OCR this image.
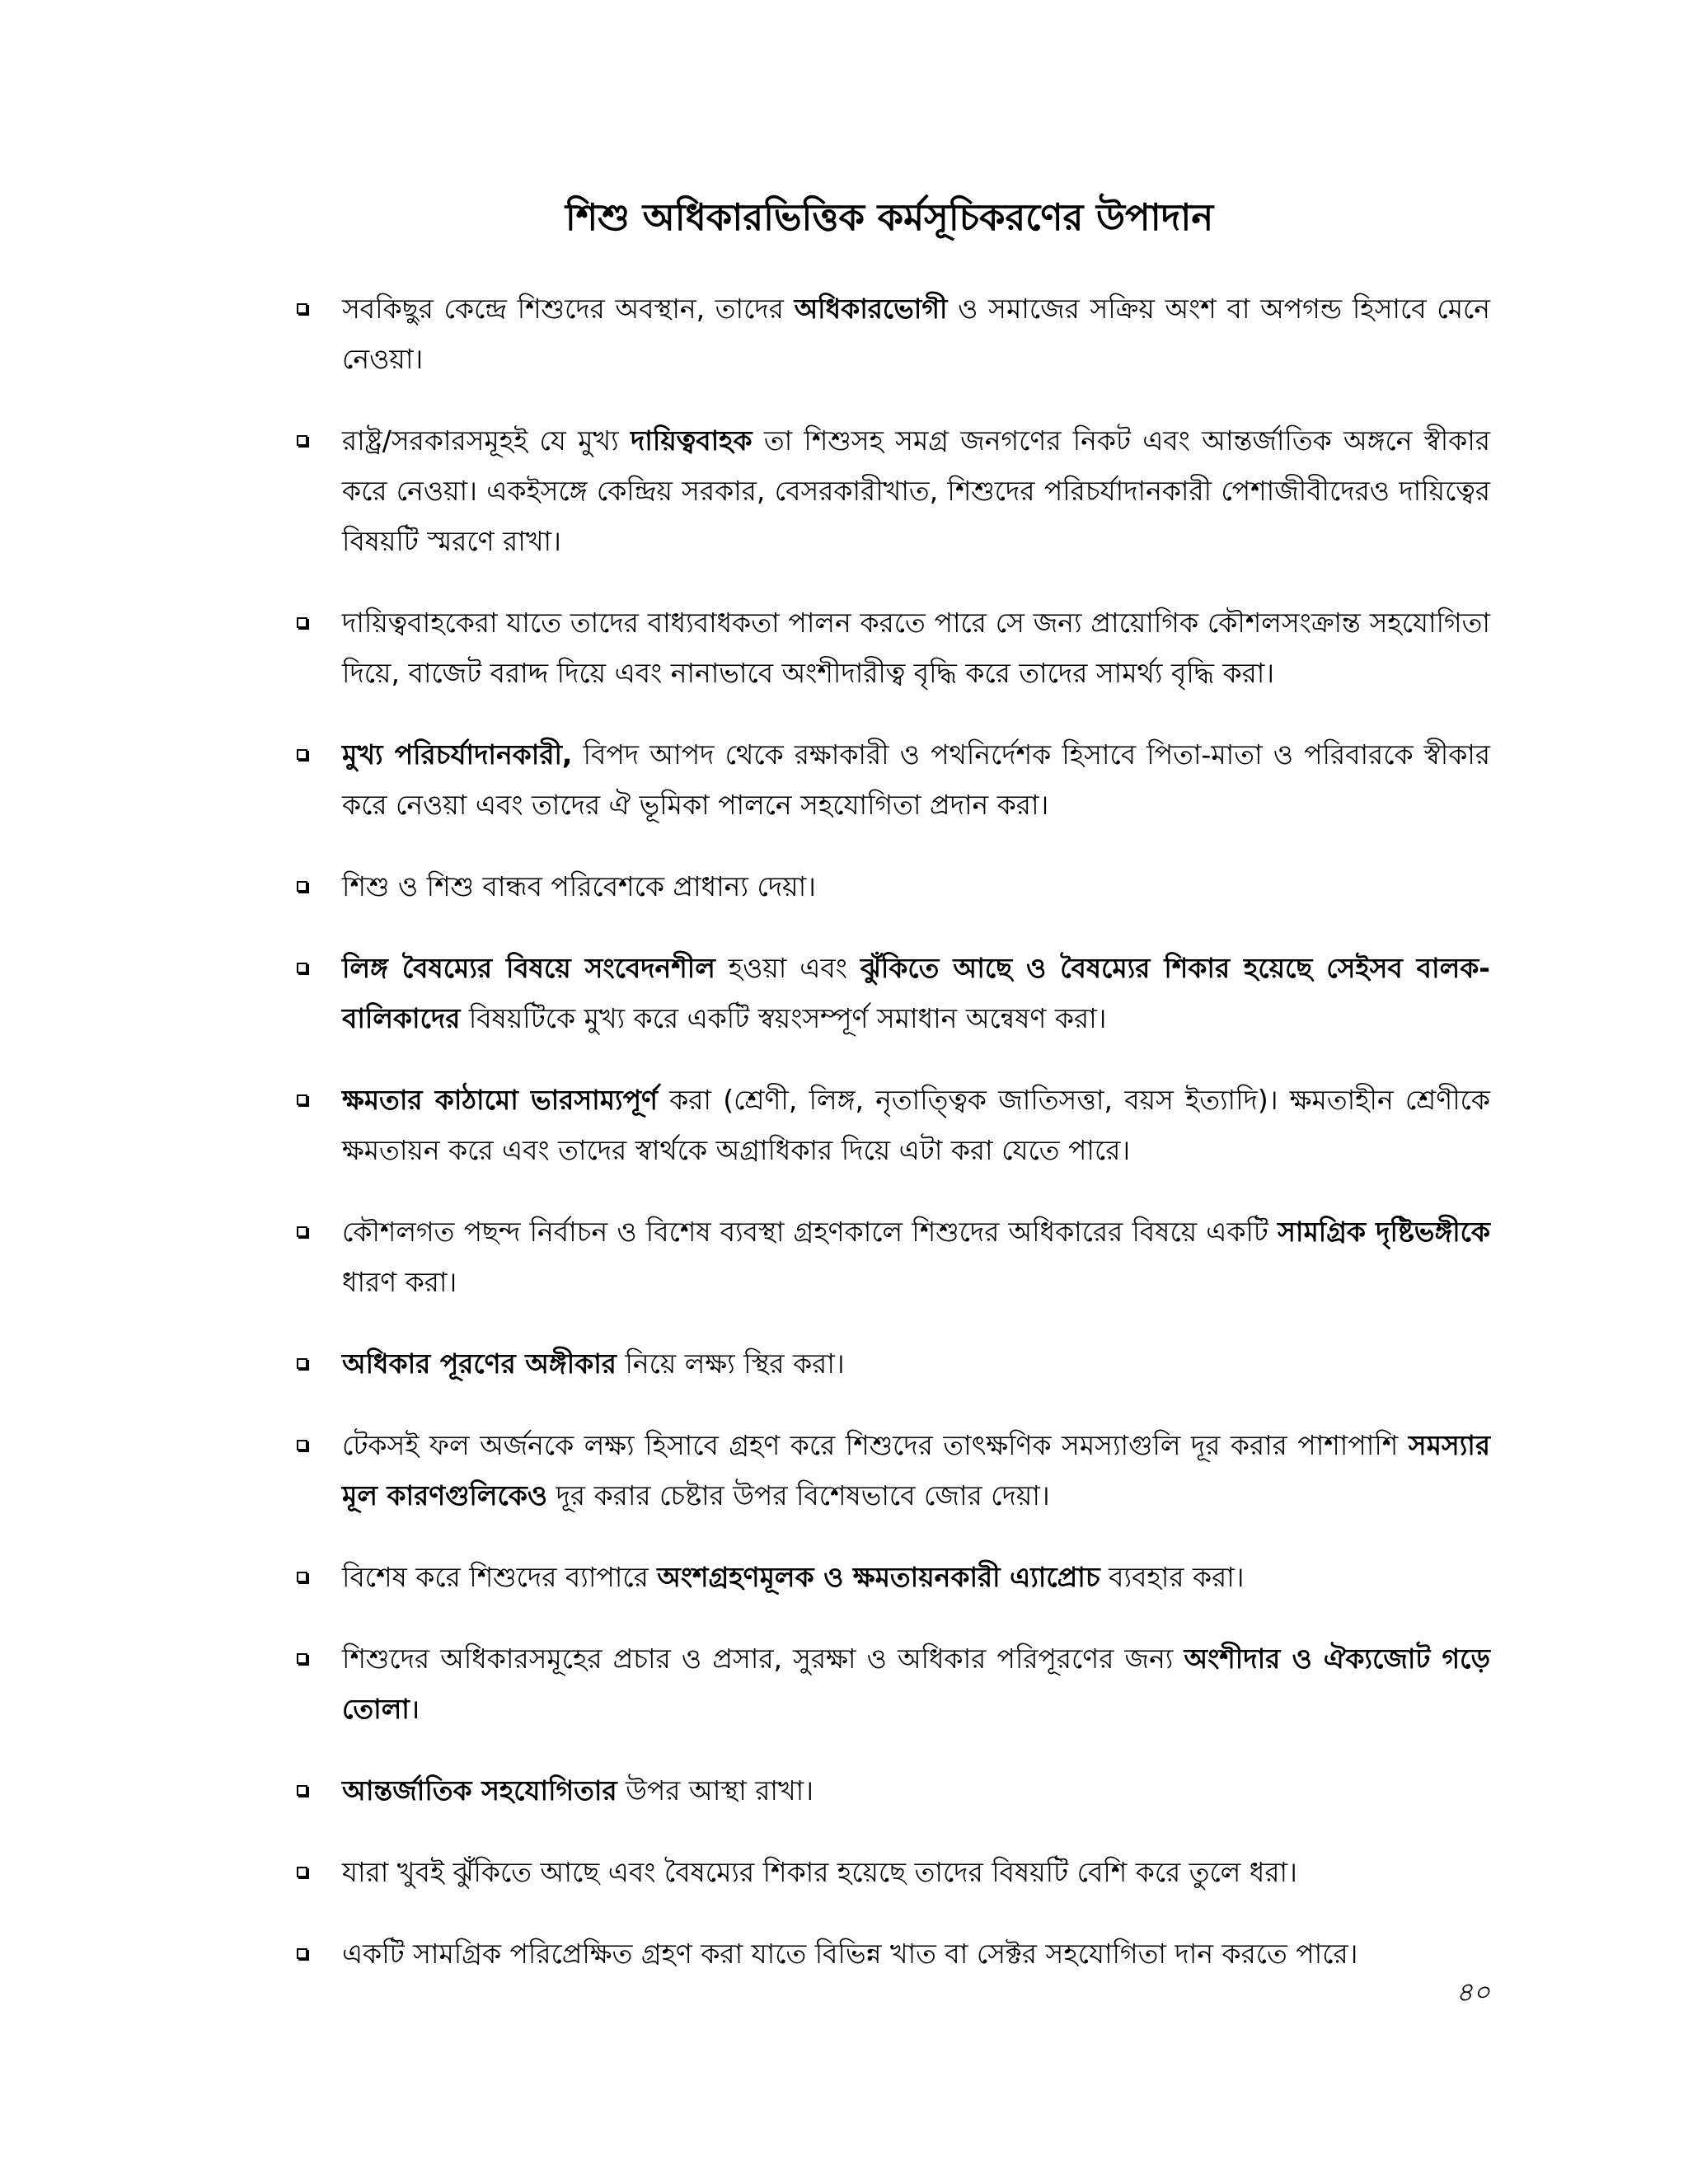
শিশু অধিকারভিত্তিক কর্মসূচিকরণের উপাদান
সবকিছুর কেন্দ্রে শিশুদের অবস্থান, তাদের অধিকারভোগী ও সমাজের সক্রিয় অংশ বা অপগন্ড হিসাবে মেনে নেওয়া।
রাষ্ট্র/সরকারসমূহই যে মুখ্য দায়িত্ববাহক তা শিশুসহ সমগ্র জনগণের নিকট এবং আন্তর্জাতিক অঙ্গনে স্বীকার করে নেওয়া। একইসঙ্গে কেন্দ্রিয় সরকার, বেসরকারীখাত, শিশুদের পরিচর্যাদানকারী পেশাজীবীদেরও দায়িত্বের বিষয়টি স্মরণে রাখা।
দায়িত্ববাহকেরা যাতে তাদের বাধ্যবাধকতা পালন করতে পারে সে জন্য প্রায়োগিক কৌশলসংক্রান্ত সহযোগিতা দিয়ে, বাজেট বরাদ্দ দিয়ে এবং নানাভাবে অংশীদারীত্ব বৃদ্ধি করে তাদের সামর্থ্য বৃদ্ধি করা।
মুখ্য পরিচর্যাদানকারী, বিপদ আপদ থেকে রক্ষাকারী ও পথনির্দেশক হিসাবে পিতা-মাতা ও পরিবারকে স্বীকার করে নেওয়া এবং তাদের ঐ ভূমিকা পালনে সহযোগিতা প্রদান করা।
শিশু ও শিশু বান্ধব পরিবেশকে প্রাধান্য দেয়া।
লিঙ্গ বৈষম্যের বিষয়ে সংবেদনশীল হওয়া এবং ঝুঁকিতে আছে ও বৈষম্যের শিকার হয়েছে সেইসব বালক-বালিকাদের বিষয়টিকে মুখ্য করে একটি স্বয়ংসম্পূর্ণ সমাধান অন্বেষণ করা।
ক্ষমতার কাঠামো ভারসাম্যপূর্ণ করা (শ্রেণী, লিঙ্গ, নৃতাত্ত্বিক জাতিসত্তা, বয়স ইত্যাদি)। ক্ষমতাহীন শ্রেণীকে ক্ষমতায়ন করে এবং তাদের স্বার্থকে অগ্রাধিকার দিয়ে এটা করা যেতে পারে।
কৌশলগত পছন্দ নির্বাচন ও বিশেষ ব্যবস্থা গ্রহণকালে শিশুদের অধিকারের বিষয়ে একটি সামগ্রিক দৃষ্টিভঙ্গীকে ধারণ করা।
অধিকার পূরণের অঙ্গীকার নিয়ে লক্ষ্য স্থির করা।
টেকসই ফল অর্জনকে লক্ষ্য হিসাবে গ্রহণ করে শিশুদের তাৎক্ষণিক সমস্যাগুলি দূর করার পাশাপাশি সমস্যার মূল কারণগুলিকেও দূর করার চেষ্টার উপর বিশেষভাবে জোর দেয়া।
বিশেষ করে শিশুদের ব্যাপারে অংশগ্রহণমূলক ও ক্ষমতায়নকারী এ্যাপ্রোচ ব্যবহার করা।
শিশুদের অধিকারসমূহের প্রচার ও প্রসার, সুরক্ষা ও অধিকার পরিপূরণের জন্য অংশীদার ও ঐক্যজোট গড়ে তোলা।
আন্তর্জাতিক সহযোগিতার উপর আস্থা রাখা।
যারা খুবই ঝুঁকিতে আছে এবং বৈষম্যের শিকার হয়েছে তাদের বিষয়টি বেশি করে তুলে ধরা।
একটি সামগ্রিক পরিপ্রেক্ষিত গ্রহণ করা যাতে বিভিন্ন খাত বা সেক্টর সহযোগিতা দান করতে পারে।
৪০
